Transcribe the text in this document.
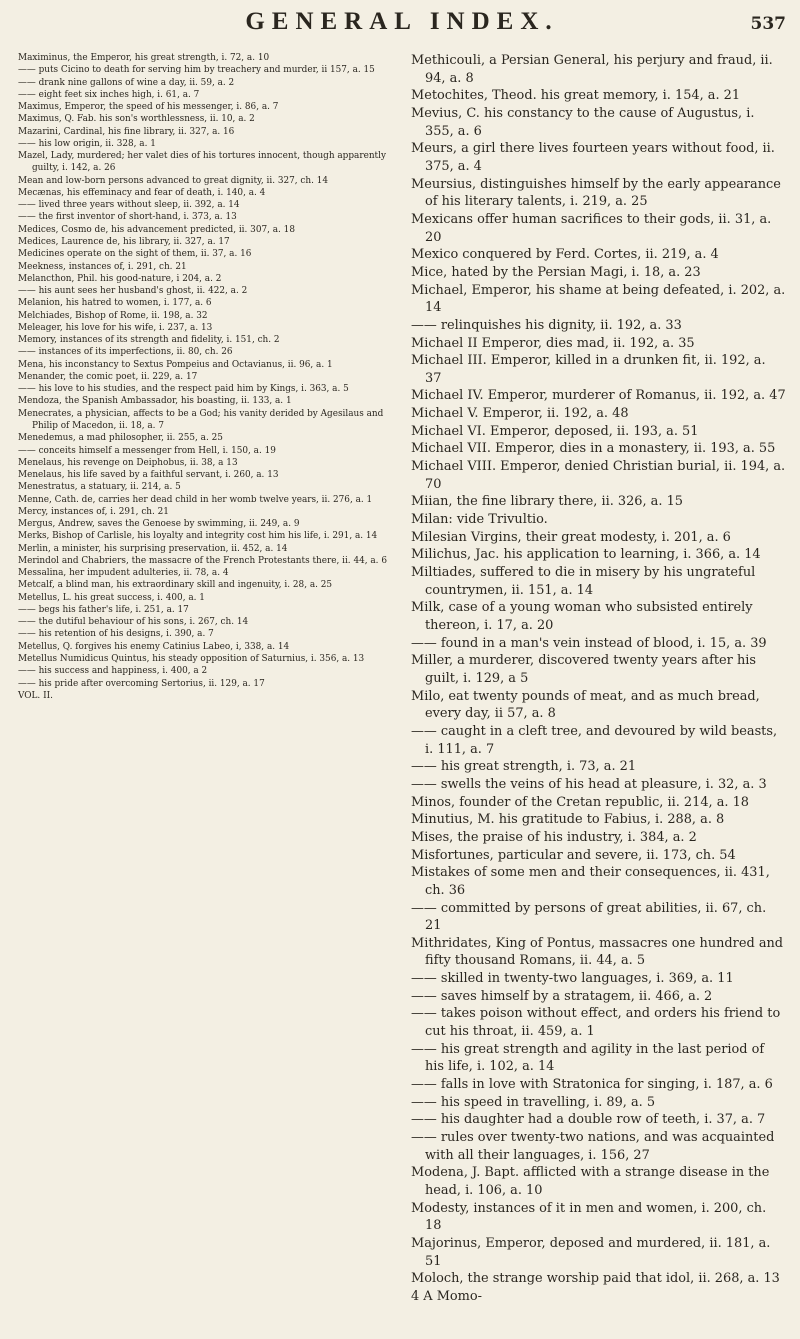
GENERAL INDEX.	537

Maximinus, the Emperor, his great strength, i. 72, a. 10

—— puts Cicino to death for serving him by treachery and murder, ii 157, a. 15

—— drank nine gallons of wine a day, ii. 59, a. 2

—— eight feet six inches high, i. 61, a. 7

Maximus, Emperor, the speed of his messenger, i. 86, a. 7

Maximus, Q. Fab. his son's worthlessness, ii. 10, a. 2

Mazarini, Cardinal, his fine library, ii. 327, a. 16

—— his low origin, ii. 328, a. 1

Mazel, Lady, murdered; her valet dies of his tortures innocent, though apparently guilty, i. 142, a. 26

Mean and low-born persons advanced to great dignity, ii. 327, ch. 14

Mecænas, his effeminacy and fear of death, i. 140, a. 4

—— lived three years without sleep, ii. 392, a. 14

—— the first inventor of short-hand, i. 373, a. 13

Medices, Cosmo de, his advancement predicted, ii. 307, a. 18

Medices, Laurence de, his library, ii. 327, a. 17

Medicines operate on the sight of them, ii. 37, a. 16

Meekness, instances of, i. 291, ch. 21

Melancthon, Phil. his good-nature, i 204, a. 2

—— his aunt sees her husband's ghost, ii. 422, a. 2

Melanion, his hatred to women, i. 177, a. 6

Melchiades, Bishop of Rome, ii. 198, a. 32

Meleager, his love for his wife, i. 237, a. 13

Memory, instances of its strength and fidelity, i. 151, ch. 2

—— instances of its imperfections, ii. 80, ch. 26

Mena, his inconstancy to Sextus Pompeius and Octavianus, ii. 96, a. 1

Menander, the comic poet, ii. 229, a. 17

—— his love to his studies, and the respect paid him by Kings, i. 363, a. 5

Mendoza, the Spanish Ambassador, his boasting, ii. 133, a. 1

Menecrates, a physician, affects to be a God; his vanity derided by Agesilaus and Philip of Macedon, ii. 18, a. 7

Menedemus, a mad philosopher, ii. 255, a. 25

—— conceits himself a messenger from Hell, i. 150, a. 19

Menelaus, his revenge on Deiphobus, ii. 38, a 13

Menelaus, his life saved by a faithful servant, i. 260, a. 13

Menestratus, a statuary, ii. 214, a. 5

Menne, Cath. de, carries her dead child in her womb twelve years, ii. 276, a. 1

Mercy, instances of, i. 291, ch. 21

Mergus, Andrew, saves the Genoese by swimming, ii. 249, a. 9

Merks, Bishop of Carlisle, his loyalty and integrity cost him his life, i. 291, a. 14

Merlin, a minister, his surprising preservation, ii. 452, a. 14

Merindol and Chabriers, the massacre of the French Protestants there, ii. 44, a. 6

Messalina, her impudent adulteries, ii. 78, a. 4

Metcalf, a blind man, his extraordinary skill and ingenuity, i. 28, a. 25

Metellus, L. his great success, i. 400, a. 1

—— begs his father's life, i. 251, a. 17

—— the dutiful behaviour of his sons, i. 267, ch. 14

—— his retention of his designs, i. 390, a. 7

Metellus, Q. forgives his enemy Catinius Labeo, i, 338, a. 14

Metellus Numidicus Quintus, his steady opposition of Saturnius, i. 356, a. 13

—— his success and happiness, i. 400, a 2

—— his pride after overcoming Sertorius, ii. 129, a. 17

VOL. II.

Methicouli, a Persian General, his perjury and fraud, ii. 94, a. 8

Metochites, Theod. his great memory, i. 154, a. 21

Mevius, C. his constancy to the cause of Augustus, i. 355, a. 6

Meurs, a girl there lives fourteen years without food, ii. 375, a. 4

Meursius, distinguishes himself by the early appearance of his literary talents, i. 219, a. 25

Mexicans offer human sacrifices to their gods, ii. 31, a. 20

Mexico conquered by Ferd. Cortes, ii. 219, a. 4

Mice, hated by the Persian Magi, i. 18, a. 23

Michael, Emperor, his shame at being defeated, i. 202, a. 14

—— relinquishes his dignity, ii. 192, a. 33

Michael II Emperor, dies mad, ii. 192, a. 35

Michael III. Emperor, killed in a drunken fit, ii. 192, a. 37

Michael IV. Emperor, murderer of Romanus, ii. 192, a. 47

Michael V. Emperor, ii. 192, a. 48

Michael VI. Emperor, deposed, ii. 193, a. 51

Michael VII. Emperor, dies in a monastery, ii. 193, a. 55

Michael VIII. Emperor, denied Christian burial, ii. 194, a. 70

Miian, the fine library there, ii. 326, a. 15

Milan: vide Trivultio.

Milesian Virgins, their great modesty, i. 201, a. 6

Milichus, Jac. his application to learning, i. 366, a. 14

Miltiades, suffered to die in misery by his ungrateful countrymen, ii. 151, a. 14

Milk, case of a young woman who subsisted entirely thereon, i. 17, a. 20

—— found in a man's vein instead of blood, i. 15, a. 39

Miller, a murderer, discovered twenty years after his guilt, i. 129, a 5

Milo, eat twenty pounds of meat, and as much bread, every day, ii 57, a. 8

—— caught in a cleft tree, and devoured by wild beasts, i. 111, a. 7

—— his great strength, i. 73, a. 21

—— swells the veins of his head at pleasure, i. 32, a. 3

Minos, founder of the Cretan republic, ii. 214, a. 18

Minutius, M. his gratitude to Fabius, i. 288, a. 8

Mises, the praise of his industry, i. 384, a. 2

Misfortunes, particular and severe, ii. 173, ch. 54

Mistakes of some men and their consequences, ii. 431, ch. 36

—— committed by persons of great abilities, ii. 67, ch. 21

Mithridates, King of Pontus, massacres one hundred and fifty thousand Romans, ii. 44, a. 5

—— skilled in twenty-two languages, i. 369, a. 11

—— saves himself by a stratagem, ii. 466, a. 2

—— takes poison without effect, and orders his friend to cut his throat, ii. 459, a. 1

—— his great strength and agility in the last period of his life, i. 102, a. 14

—— falls in love with Stratonica for singing, i. 187, a. 6

—— his speed in travelling, i. 89, a. 5

—— his daughter had a double row of teeth, i. 37, a. 7

—— rules over twenty-two nations, and was acquainted with all their languages, i. 156, 27

Modena, J. Bapt. afflicted with a strange disease in the head, i. 106, a. 10

Modesty, instances of it in men and women, i. 200, ch. 18

Majorinus, Emperor, deposed and murdered, ii. 181, a. 51

Moloch, the strange worship paid that idol, ii. 268, a. 13

4 A Momo-
